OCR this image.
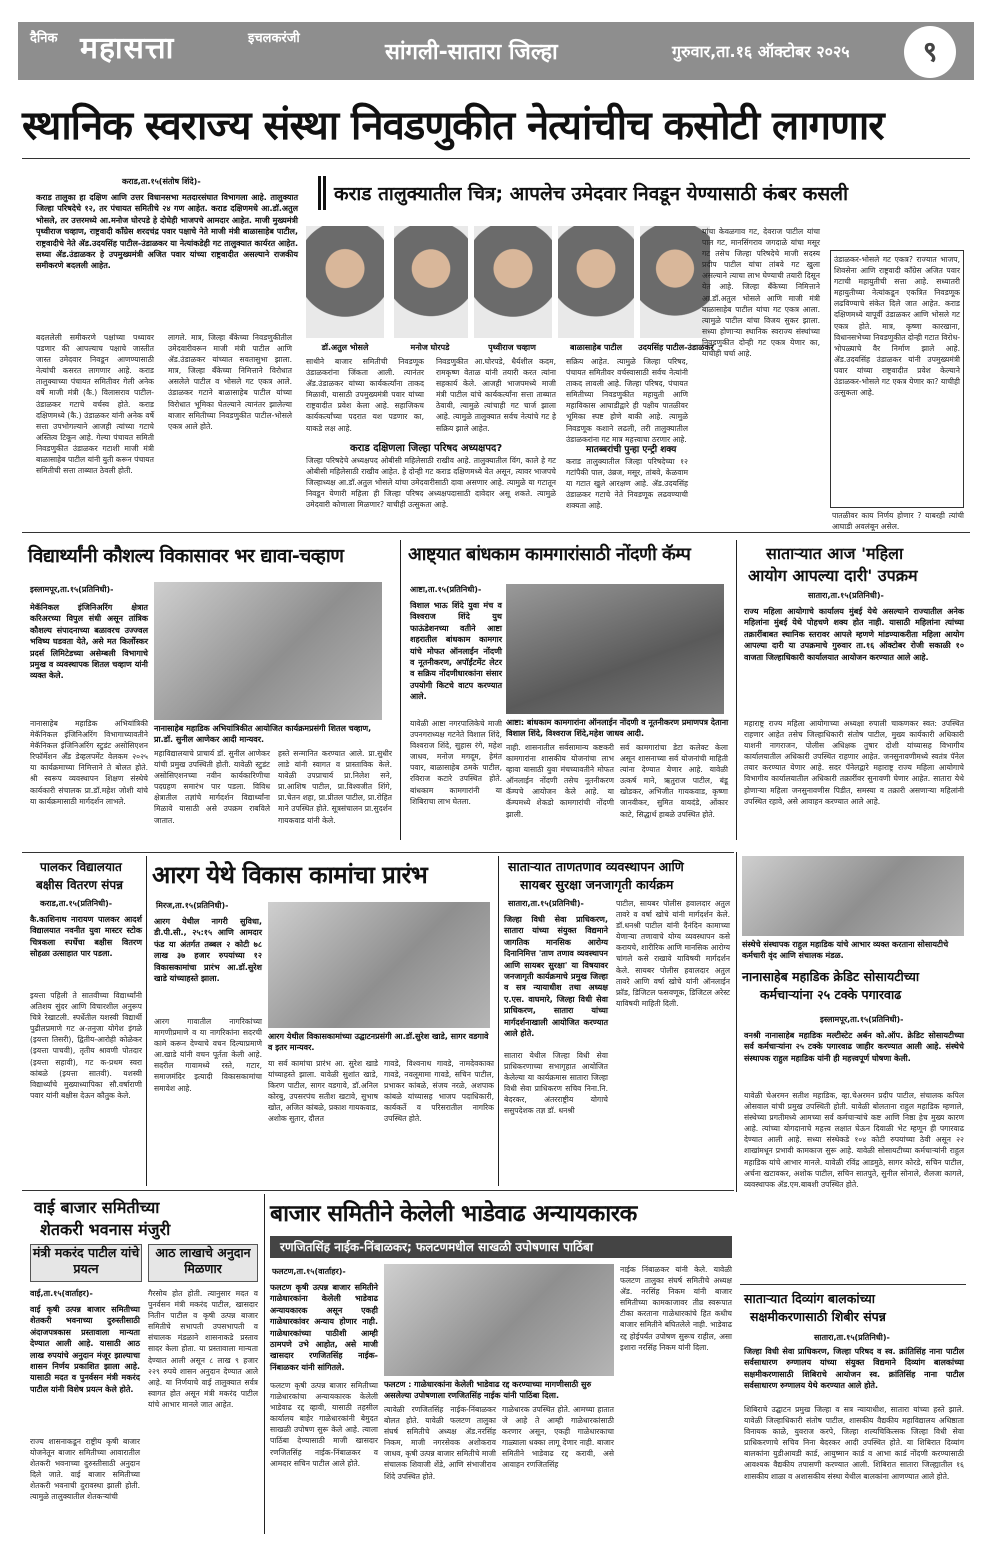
दैनिक महासत्ता	इचलकरंजी
सांगली-सातारा जिल्हा	गुरुवार,ता.१६ ऑक्टोबर २०२५	९
स्थानिक स्वराज्य संस्था निवडणुकीत नेत्यांचीच कसोटी लागणार
कराड,ता.१५(संतोष शिंदे)-
कराड तालुका हा दक्षिण आणि उत्तर विधानसभा मतदारसंघात विभागला आहे. तालुक्यात जिल्हा परिषदेचे १२, तर पंचायत समितीचे २४ गण आहेत. कराड दक्षिणमधे आ.डॉ.अतुल भोसले, तर उत्तरमध्ये आ.मनोज घोरपडे हे दोघेही भाजपचे आमदार आहेत. माजी मुख्यमंत्री पृथ्वीराज चव्हाण, राष्ट्रवादी काँग्रेस शरदचंद्र पवार पक्षाचे नेते माजी मंत्री बाळासाहेब पाटील, राष्ट्रवादीचे नेते ॲड.उदयसिंह पाटील-उंडाळकर या नेत्यांकडेही गट तालुक्यात कार्यरत आहेत. सध्या ॲड.उंडाळकर हे उपमुख्यमंत्री अजित पवार यांच्या राष्ट्रवादीत असल्याने राजकीय समीकरणे बदलली आहेत.
कराड तालुक्यातील चित्र; आपलेच उमेदवार निवडून येण्यासाठी कंबर कसली
डॉ.अतुल भोसले	मनोज घोरपडे	पृथ्वीराज चव्हाण	बाळासाहेब पाटील	उदयसिंह पाटील-उंडाळकर
बदललेली समीकरणे पक्षांच्या पथ्यावर पडणार की आपल्याच पक्षाचे जास्तीत जास्त उमेदवार निवडून आणण्यासाठी नेत्यांची कसरत लागणार आहे. कराड तालुक्याच्या पंचायत समितीवर गेली अनेक वर्षे माजी मंत्री (कै.) विलासराव पाटील-उंडाळकर गटाचे वर्चस्व होते. कराड दक्षिणमध्ये (कै.) उंडाळकर यांनी अनेक वर्षे सत्ता उपभोगल्याने आजही त्यांच्या गटाचे अस्तित्व टिकून आहे. गेल्या पंचायत समिती निवडणुकीत उंडाळकर गटाशी माजी मंत्री बाळासाहेब पाटील यांनी युती करून पंचायत समितीची सत्ता ताब्यात ठेवली होती.
लागले. मात्र, जिल्हा बँकेच्या निवडणुकीतील उमेदवारीवरून माजी मंत्री पाटील आणि ॲड.उंडाळकर यांच्यात सवतासुभा झाला. मात्र, जिल्हा बँकेच्या निमित्ताने विरोधात असलेले पाटील व भोसले गट एकत्र आले. उंडाळकर गटाने बाळासाहेब पाटील यांच्या विरोधात भूमिका घेतल्याने त्यानंतर झालेल्या बाजार समितीच्या निवडणुकीत पाटील-भोसले एकत्र आले होते.
साथीने बाजार समितीची निवडणूक उंडाळकरांना जिंकता आली. त्यानंतर ॲड.उंडाळकर यांच्या कार्यकर्त्यांना ताकद मिळावी, यासाठी उपमुख्यमंत्री पवार यांच्या राष्ट्रवादीत प्रवेश केला आहे. सहाजिकच कार्यकर्त्यांच्या पदरात यश पडणार का, याकडे लक्ष आहे.
निवडणुकीत आ.घोरपडे, धैर्यशील कदम, रामकृष्ण वेताळ यांनी तयारी करत त्यांना सहकार्य केले. आजही भाजपमध्ये माजी मंत्री पाटील यांचे कार्यकर्त्यांना सत्ता ताब्यात ठेवावी, त्यामुळे त्यांचाही गट चार्ज झाला आहे. त्यामुळे तालुक्यात सर्वच नेत्यांचे गट हे सक्रिय झाले आहेत.
सक्रिय आहेत. त्यामुळे जिल्हा परिषद, पंचायत समितीवर वर्चस्वासाठी सर्वच नेत्यांनी ताकद लावली आहे. जिल्हा परिषद, पंचायत समितीच्या निवडणुकीत महायुती आणि महाविकास आघाडीद्वारे ही पक्षीय पातळीवर भूमिका स्पष्ट होणे बाकी आहे. त्यामुळे निवडणूक कशाने लढली, तरी तालुक्यातील उंडाळकरांना गट मात्र महत्त्वाचा ठरणार आहे.
कराड दक्षिणला जिल्हा परिषद अध्यक्षपद?
जिल्हा परिषदेचे अध्यक्षपद ओबीसी महिलेसाठी राखीव आहे. तालुक्यातील विंग, काले हे गट ओबीसी महिलेसाठी राखीव आहेत. हे दोन्ही गट कराड दक्षिणमध्ये येत असून, त्यावर भाजपचे जिल्हाध्यक्ष आ.डॉ.अतुल भोसले यांचा उमेदवारीसाठी दावा असणार आहे. त्यामुळे या गटातून निवडून येणारी महिला ही जिल्हा परिषद अध्यक्षपदासाठी दावेदार असू शकते. त्यामुळे उमेदवारी कोणाला मिळणार? याचीही उत्सुकता आहे.
मातब्बरांची पुन्हा एन्ट्री शक्य
कराड तालुक्यातील जिल्हा परिषदेच्या १२ गटांपैकी पाल, उंब्रज, मसूर, तांबवे, केळवाम या गटात खुले आरक्षण आहे. ॲड.उदयसिंह उंडाळकर गटाचे नेते निवडणूक लढवण्याची शक्यता आहे.
यांचा केवळगाव गट, देवराज पाटील यांचा पाल गट, मानसिंगराव जगदाळे यांचा मसूर गट तसेच जिल्हा परिषदेचे माजी सदस्य प्रदीप पाटील यांचा तांबवे गट खुला असल्याने त्याचा लाभ घेण्याची तयारी दिसून येत आहे. जिल्हा बँकेच्या निमित्ताने आ.डॉ.अतुल भोसले आणि माजी मंत्री बाळासाहेब पाटील यांचा गट एकत्र आला. त्यामुळे पाटील यांचा विजय सुकर झाला. सध्या होणाऱ्या स्थानिक स्वराज्य संस्थांच्या निवडणुकीत दोन्ही गट एकत्र येणार का, याचीही चर्चा आहे.
उंडाळकर-भोसले गट एकत्र? राज्यात भाजप, शिवसेना आणि राष्ट्रवादी काँग्रेस अजित पवार गटाची महायुतीची सत्ता आहे. सध्यातरी महायुतीच्या नेत्यांकडून एकत्रित निवडणूक लढविण्याचे संकेत दिले जात आहेत. कराड दक्षिणमध्ये यापूर्वी उंडाळकर आणि भोसले गट एकत्र होते. मात्र, कृष्णा कारखाना, विधानसभेच्या निवडणुकीत दोन्ही गटात विरोध-भोपळ्याचे वैर निर्माण झाले आहे. ॲड.उदयसिंह उंडाळकर यांनी उपमुख्यमंत्री पवार यांच्या राष्ट्रवादीत प्रवेश केल्याने उंडाळकर-भोसले गट एकत्र येणार का? याचीही उत्सुकता आहे.
पातळीवर काय निर्णय होणार ? याबरही त्यांची आघाडी अवलंबून असेल.
विद्यार्थ्यांनी कौशल्य विकासावर भर द्यावा-चव्हाण
इस्लामपूर,ता.१५(प्रतिनिधी)-
मेकॅनिकल इंजिनिअरिंग क्षेत्रात करिअरच्या विपुल संधी असून तांत्रिक कौशल्य संपादनाच्या बळावरच उज्ज्वल भविष्य घडवता येते, असे मत किर्लोस्कर प्रदर्स लिमिटेडच्या असेम्बली विभागाचे प्रमुख व व्यवस्थापक शितल चव्हाण यांनी व्यक्त केले.
नानासाहेब महाडिक अभियांत्रिकी मेकॅनिकल इंजिनिअरिंग विभागाच्यावतीने मेकॅनिकल इंजिनिअरिंग स्टुडंट असोसिएशन रिफॉर्मेशन ॲंड डेव्हलपमेंट वेलकम २०२५ या कार्यक्रमाच्या निमित्ताने ते बोलत होते. श्री स्वरूप व्यवस्थापन शिक्षण संस्थेचे कार्यकारी संचालक प्रा.डॉ.महेश जोशी यांचे या कार्यक्रमासाठी मार्गदर्शन लाभले.
नानासाहेब महाडिक अभियांत्रिकीत आयोजित कार्यक्रमप्रसंगी शितल चव्हाण, प्रा.डॉ. सुनील आणेकर आदी मान्यवर.
महाविद्यालयाचे प्राचार्य डॉ. सुनील आणेकर यांची प्रमुख उपस्थिती होती. यावेळी स्टुडंट असोसिएशनच्या नवीन कार्यकारिणीचा पदग्रहण समारंभ पार पडला. विविध क्षेत्रातील तज्ञांचे मार्गदर्शन विद्यार्थ्यांना मिळावे यासाठी असे उपक्रम राबविले जातात.
हस्ते सन्मानित करण्यात आले. प्रा.सुधीर लाडे यांनी स्वागत व प्रास्ताविक केले. यावेळी उपप्राचार्य प्रा.निलेश सने, प्रा.आशिष पाटील, प्रा.विश्वजीत शिंगे, प्रा.चेतन शहा, प्रा.प्रीतल पाटील, प्रा.रोहित माने उपस्थित होते. सूत्रसंचालन प्रा.सुदर्शन गायकवाड यांनी केले.
आष्ट्यात बांधकाम कामगारांसाठी नोंदणी कॅम्प
आष्टा,ता.१५(प्रतिनिधी)-
विशाल भाऊ शिंदे युवा मंच व विश्वराज शिंदे युथ फाऊंडेशनच्या वतीने आष्टा शहरातील बांधकाम कामगार यांचे मोफत ऑनलाईन नोंदणी व नूतनीकरण, अपॉईंटमेंट लेटर व सक्रिय नोंदणीधारकांना संसार उपयोगी किटचे वाटप करण्यात आले.
यावेळी आष्टा नगरपालिकेचे माजी उपनगराध्यक्ष गटनेते विशाल शिंदे, विश्वराज शिंदे, सुहास रंगे, महेश जाधव, मनोज मगदूम, हेमंत पवार, बाळासाहेब ठमके पाटील, रविराज कटारे उपस्थित होते. बांधकाम कामगारांनी या शिबिराचा लाभ घेतला.
आष्टा: बांधकाम कामगारांना ऑनलाईन नोंदणी व नूतनीकरण प्रमाणपत्र देताना विशाल शिंदे, विश्वराज शिंदे,महेश जाधव आदी.
नाही. शासनातील सर्वसामान्य कष्टकरी कामगारांना शासकीय योजनांचा लाभ व्हावा यासाठी युवा मंचच्यावतीने मोफत ऑनलाईन नोंदणी तसेच नूतनीकरण कॅम्पचे आयोजन केले आहे. या कॅम्पमध्ये शेकडो कामगारांची नोंदणी झाली.
सर्व कामगारांचा डेटा कलेक्ट केला असून शासनाच्या सर्व योजनांची माहिती त्यांना देण्यात येणार आहे. यावेळी उत्कर्ष माने, ऋतुराज पाटील, बंडू खोडकर, अभिजीत गायकवाड, कृष्णा जानवीकर, सुमित वायदंडे, ओंकार काटे, सिद्धार्थ हाबळे उपस्थित होते.
सातार्‍यात आज 'महिला
आयोग आपल्या दारी' उपक्रम
सातारा,ता.१५(प्रतिनिधी)-
राज्य महिला आयोगाचे कार्यालय मुंबई येथे असल्याने राज्यातील अनेक महिलांना मुंबई येथे पोहचणे शक्य होत नाही. यासाठी महिलांना त्यांच्या तक्रारींबाबत स्थानिक स्तरावर आपले म्हणणे मांडण्याकरीता महिला आयोग आपल्या दारी या उपक्रमाचे गुरुवार ता.१६ ऑक्टोबर रोजी सकाळी १० वाजता जिल्हाधिकारी कार्यालयात आयोजन करण्यात आले आहे.
महाराष्ट्र राज्य महिला आयोगाच्या अध्यक्षा रुपाली चाकणकर स्वत: उपस्थित राहणार आहेत तसेच जिल्हाधिकारी संतोष पाटील, मुख्य कार्यकारी अधिकारी याशनी नागराजन, पोलीस अधिक्षक तुषार दोशी यांच्यासह विभागीय कार्यालयातील अधिकारी उपस्थित राहणार आहेत. जनसुनावणीमध्ये स्वतंत्र पॅनेल तयार करण्यात येणार आहे. सदर पॅनेलद्वारे महाराष्ट्र राज्य महिला आयोगाचे विभागीय कार्यालयातील अधिकारी तक्रारींवर सुनावणी घेणार आहेत. सातारा येथे होणाऱ्या महिला जनसुनावणीस पिडीत, समस्या व तक्रारी असणाऱ्या महिलांनी उपस्थित रहावे, असे आवाहन करण्यात आले आहे.
पालकर विद्यालयात
बक्षीस वितरण संपन्न
कराड,ता.१५(प्रतिनिधी)-
कै.काशिनाथ नारायण पालकर आदर्श विद्यालयात नवनीत युवा मास्टर स्टोक चित्रकला स्पर्धेचा बक्षीस वितरण सोहळा उत्साहात पार पडला.
इयत्ता पहिली ते सातवीच्या विद्यार्थ्यांनी अतिशय सुंदर आणि विचारशील अनुरूप चित्रे रेखाटली. स्पर्धेतील यशस्वी विद्यार्थी पुढीलप्रमाणे गट अ-तनुजा योगेश इंगळे (इयत्ता तिसरी), द्वितीय-आरोही कोळेकर (इयत्ता पाचवी), तृतीय श्रावणी पोतदार (इयत्ता सहावी), गट क-प्रथम स्वरा कांबळे (इयत्ता सातवी). यशस्वी विद्यार्थ्यांचे मुख्याध्यापिका सौ.वर्षाराणी पवार यांनी बक्षीस देऊन कौतुक केले.
आरग येथे विकास कामांचा प्रारंभ
मिरज,ता.१५(प्रतिनिधी)-
आरग येथील नागरी सुविधा, डी.पी.सी., २५:१५ आणि आमदार फंड या अंतर्गत तब्बल २ कोटी ७८ लाख ३७ हजार रुपयांच्या १२ विकासकामांचा प्रारंभ आ.डॉ.सुरेश खाडे यांच्याहस्ते झाला.
आरग गावातील नागरिकांच्या मागणीप्रमाणे व या नागरिकांना सदरची कामे करून देण्याचे वचन दिल्याप्रमाणे आ.खाडे यांनी वचन पूर्तता केली आहे. सदरील गावामध्ये रस्ते, गटार, समाजमंदिर इत्यादी विकासकामांचा समावेश आहे.
आरग येथील विकासकामांच्या उद्घाटनप्रसंगी आ.डॉ.सुरेश खाडे, सागर वडगावे व इतर मान्यवर.
या सर्व कामांचा प्रारंभ आ. सुरेश खाडे यांच्याहस्ते झाला. यावेळी सुशांत खाडे, किरण पाटील, सागर वडगावे, डॉ.अनिल कोरबु, उपसरपंच सतीश खटावे, सुभाष खोत, अजित कांबळे, प्रकाश गायकवाड, अशोक सुतार, दौलत
गावडे, विश्वनाथ गावडे, नामदेवकाका गावडे, नवलूमामा गावडे, सचिन पाटील, प्रभाकर कांबळे, संजय नरळे, अशपाक कांबळे यांच्यासह भाजप पदाधिकारी, कार्यकर्ते व परिसरातील नागरिक उपस्थित होते.
सातार्‍यात ताणतणाव व्यवस्थापन आणि
सायबर सुरक्षा जनजागृती कार्यक्रम
सातारा,ता.१५(प्रतिनिधी)-
जिल्हा विधी सेवा प्राधिकरण, सातारा यांच्या संयुक्त विद्यमाने जागतिक मानसिक आरोग्य दिनानिमित्त 'ताण तणाव व्यवस्थापन आणि सायबर सुरक्षा' या विषयावर जनजागृती कार्यक्रमाचे प्रमुख जिल्हा व सत्र न्यायाधीश तथा अध्यक्ष ए.एस. वाघमारे, जिल्हा विधी सेवा प्राधिकरण, सातारा यांच्या मार्गदर्शनाखाली आयोजित करण्यात आले होते.
सातारा येथील जिल्हा विधी सेवा प्राधिकरणाच्या सभागृहात आयोजित केलेल्या या कार्यक्रमास सातारा जिल्हा विधी सेवा प्राधिकरण सचिव निना.नि. बेदरकर, अंतरराष्ट्रीय योगाचे ससुपदेशक तज्ञ डॉ. धनश्री
पाटील, सायबर पोलीस हवालदार अतुल तावरे व वर्षा खोचे यांनी मार्गदर्शन केले. डॉ.धनश्री पाटील यांनी दैनंदिन कामाच्या येणाऱ्या तणावाचे योग्य व्यवस्थापन कसे करायचे, शारीरिक आणि मानसिक आरोग्य चांगले कसे राखावे याविषयी मार्गदर्शन केले. सायबर पोलीस हवालदार अतुल तावरे आणि वर्षा खोचे यांनी ऑनलाईन फ्रॉड, डिजिटल फसवणूक, डिजिटल अरेस्ट याविषयी माहिती दिली.
संस्थेचे संस्थापक राहुल महाडिक यांचे आभार व्यक्त करताना सोसायटीचे कर्मचारी वृंद आणि संचालक मंडळ.
नानासाहेब महाडिक क्रेडिट सोसायटीच्या
कर्मचाऱ्यांना २५ टक्के पगारवाढ
इस्लामपूर,ता.१५(प्रतिनिधी)-
वनश्री नानासाहेब महाडिक मल्टीस्टेट अर्बन को.ऑप. क्रेडिट सोसायटीच्या सर्व कर्मचाऱ्यांना २५ टक्के पगारवाढ जाहीर करण्यात आली आहे. संस्थेचे संस्थापक राहुल महाडिक यांनी ही महत्त्वपूर्ण घोषणा केली.
यावेळी चेअरमन सतीश महाडिक, व्हा.चेअरमन प्रदीप पाटील, संचालक कपिल ओसवाल यांची प्रमुख उपस्थिती होती. यावेळी बोलताना राहुल महाडिक म्हणाले, संस्थेच्या प्रगतीमध्ये आमच्या सर्व कर्मचाऱ्यांचे कष्ट आणि निष्ठा हेच मुख्य कारण आहे. त्यांच्या योगदानाचे महत्त्व लक्षात घेऊन दिवाळी भेट म्हणून ही पगारवाढ देण्यात आली आहे. सध्या संस्थेकडे १०४ कोटी रुपयांच्या ठेवी असून २२ शाखांमधून प्रभावी कामकाज सुरू आहे. यावेळी सोसायटीच्या कर्मचाऱ्यांनी राहुल महाडिक यांचे आभार मानले. यावेळी रविंद्र आडमुठे, सागर कोरडे, सचिन पाटील, अर्चना खटावकर, अशोक पाटील, सचिन सातपुते, सुनील सोनाले, शैलजा कागले, व्यवस्थापक ॲड.एम.बाबशी उपस्थित होते.
सातार्‍यात दिव्यांग बालकांच्या
सक्षमीकरणासाठी शिबीर संपन्न
सातारा,ता.१५(प्रतिनिधी)-
जिल्हा विधी सेवा प्राधिकरण, जिल्हा परिषद व स्व. क्रांतिसिंह नाना पाटील सर्वसाधारण रुग्णालय यांच्या संयुक्त विद्यमाने दिव्यांग बालकांच्या सक्षमीकरणासाठी शिबिराचे आयोजन स्व. क्रांतिसिंह नाना पाटील सर्वसाधारण रुग्णालय येथे करण्यात आले होते.
शिबिराचे उद्घाटन प्रमुख जिल्हा व सत्र न्यायाधीश, सातारा यांच्या हस्ते झाले. यावेळी जिल्हाधिकारी संतोष पाटील, शासकीय वैद्यकीय महाविद्यालय अधिष्ठाता विनायक काळे, युवराज करपे, जिल्हा शल्यचिकित्सक जिल्हा विधी सेवा प्राधिकरणाचे सचिव निना बेदरकर आदी उपस्थित होते. या शिबिरात दिव्यांग बालकांना युडीआयडी कार्ड, आयुष्मान कार्ड व आभा कार्ड नोंदणी करण्यासाठी आवश्यक वैद्यकीय तपासणी करण्यात आली. शिबिरात सातारा जिल्ह्यातील १६ शासकीय शाळा व अशासकीय संस्था येथील बालकांना आणण्यात आले होते.
वाई बाजार समितीच्या
शेतकरी भवनास मंजुरी
मंत्री मकरंद पाटील यांचे प्रयत्न
आठ लाखाचे अनुदान मिळणार
वाई,ता.१५(वार्ताहर)-
वाई कृषी उत्पन्न बाजार समितीच्या शेतकरी भवनाच्या दुरुस्तीसाठी अंदाजपत्रकास प्रस्तावाला मान्यता देण्यात आली आहे. यासाठी आठ लाख रुपयांचे अनुदान मंजूर झाल्याचा शासन निर्णय प्रकाशित झाला आहे. यासाठी मदत व पुनर्वसन मंत्री मकरंद पाटील यांनी विशेष प्रयत्न केले होते.
राज्य शासनाकडून राष्ट्रीय कृषी बाजार योजनेतून बाजार समितीच्या आवारातील शेतकरी भवनाच्या दुरुस्तीसाठी अनुदान दिले जाते. वाई बाजार समितीच्या शेतकरी भवनाची दुरावस्था झाली होती. त्यामुळे तालुक्यातील शेतकऱ्यांची
गैरसोय होत होती. त्यानुसार मदत व पुनर्वसन मंत्री मकरंद पाटील, खासदार नितीन पाटील व कृषी उत्पन्न बाजार समितीचे सभापती उपसभापती व संचालक मंडळाने शासनाकडे प्रस्ताव सादर केला होता. या प्रस्तावाला मान्यता देण्यात आली असून ८ लाख ९ हजार २२९ रुपये शासन अनुदान देण्यात आले आहे. या निर्णयाचे वाई तालुक्यात सर्वत्र स्वागत होत असून मंत्री मकरंद पाटील यांचे आभार मानले जात आहेत.
बाजार समितीने केलेली भाडेवाढ अन्यायकारक
रणजितसिंह नाईक-निंबाळकर; फलटणमधील साखळी उपोषणास पाठिंबा
फलटण,ता.१५(वार्ताहर)-
फलटण कृषी उत्पन्न बाजार समितीने गाळेधारकांना केलेली भाडेवाढ अन्यायकारक असून एकही गाळेधारकांवर अन्याय होणार नाही. गाळेधारकांच्या पाठीशी आम्ही ठामपणे उभे आहोत, असे माजी खासदार रणजितसिंह नाईक-निंबाळकर यांनी सांगितले.
फलटण कृषी उत्पन्न बाजार समितीच्या गाळेधारकांचा अन्यायकारक केलेली भाडेवाढ रद्द व्हावी, यासाठी तहसील कार्यालय बाहेर गाळेधारकांनी बेमुदत साखळी उपोषण सुरू केले आहे. त्याला पाठिंबा देण्यासाठी माजी खासदार रणजितसिंह नाईक-निंबाळकर व आमदार सचिन पाटील आले होते.
फलटण : गाळेधारकांना केलेली भाडेवाढ रद्द करण्याच्या मागणीसाठी सुरु असलेल्या उपोषणाला रणजितसिंह नाईक यांनी पाठिंबा दिला.
त्यावेळी रणजितसिंह नाईक-निंबाळकर बोलत होते. यावेळी फलटण तालुका संघर्ष समितीचे अध्यक्ष ॲड.नरसिंह निकम, माजी नगरसेवक अशोकराव जाधव, कृषी उत्पन्न बाजार समितीचे माजी संचालक शिवाजी शेंडे, आणि संभाजीराव शिंदे उपस्थित होते.
गाळेधारक उपस्थित होते. आमच्या हातात जे आहे ते आम्ही गाळेधारकांसाठी करणार असून, एकही गाळेधारकाचा गाळ्याला धक्का लागू देणार नाही. बाजार समितीने भाडेवाढ रद्द करावी, असे आवाहन रणजितसिंह
नाईक निंबाळकर यांनी केले. यावेळी फलटण तालुका संघर्ष समितीचे अध्यक्ष ॲड. नरसिंह निकम यांनी बाजार समितीच्या कामकाजावर तीव्र स्वरूपात टीका करताना गाळेधारकांचे हित कधीच बाजार समितीने बघितलेले नाही. भाडेवाढ रद्द होईपर्यंत उपोषण सुरूच राहील, असा इशारा नरसिंह निकम यांनी दिला.
